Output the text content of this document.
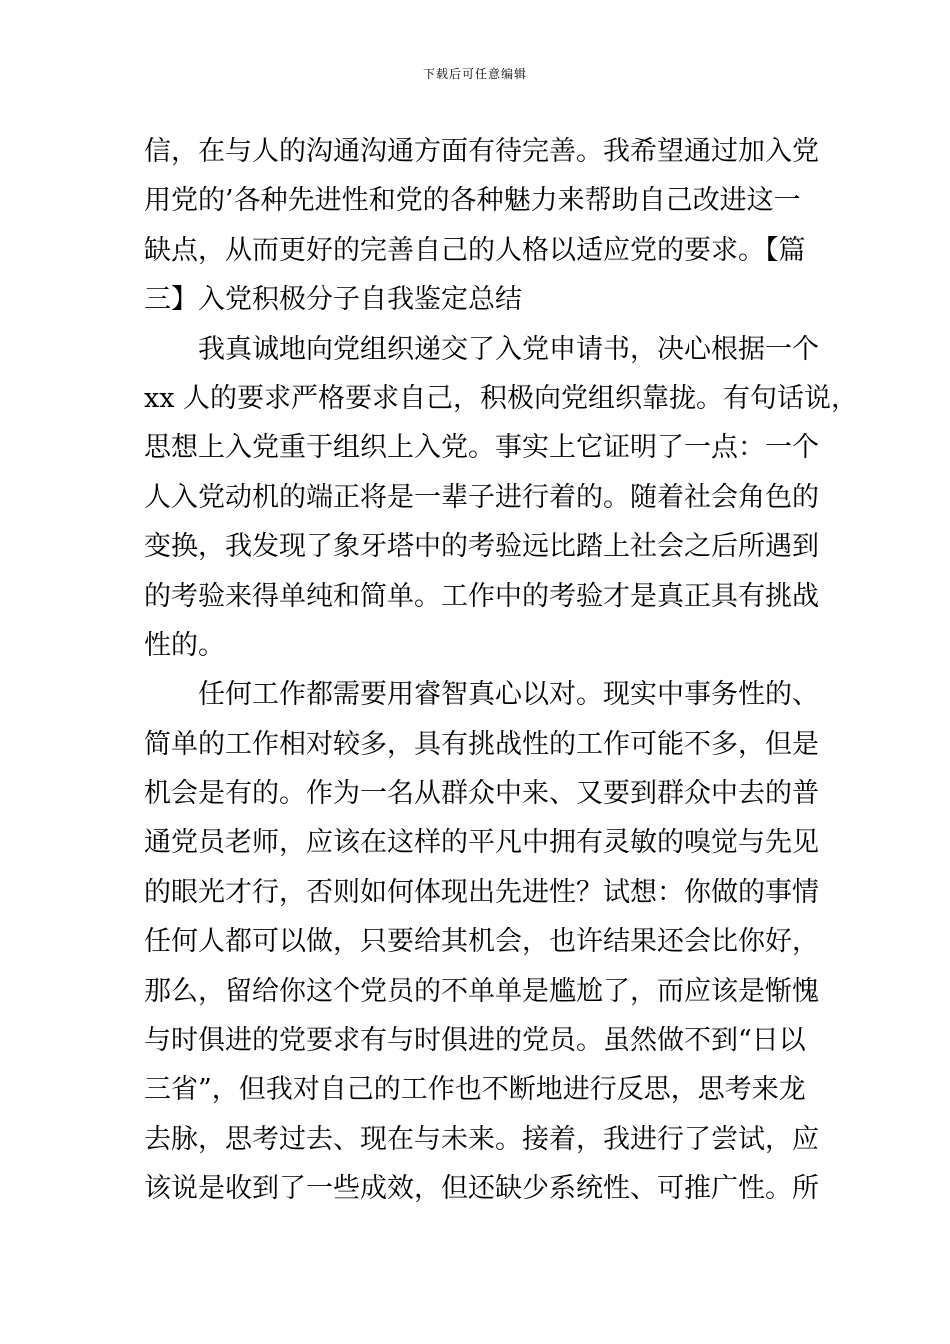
下载后可任意编辑
信，在与人的沟通沟通方面有待完善。我希望通过加入党
用党的’各种先进性和党的各种魅力来帮助自己改进这一
缺点，从而更好的完善自己的人格以适应党的要求。【篇
三】入党积极分子自我鉴定总结
我真诚地向党组织递交了入党申请书，决心根据一个
xx 人的要求严格要求自己，积极向党组织靠拢。有句话说，
思想上入党重于组织上入党。事实上它证明了一点：一个
人入党动机的端正将是一辈子进行着的。随着社会角色的
变换，我发现了象牙塔中的考验远比踏上社会之后所遇到
的考验来得单纯和简单。工作中的考验才是真正具有挑战
性的。
任何工作都需要用睿智真心以对。现实中事务性的、
简单的工作相对较多，具有挑战性的工作可能不多，但是
机会是有的。作为一名从群众中来、又要到群众中去的普
通党员老师，应该在这样的平凡中拥有灵敏的嗅觉与先见
的眼光才行，否则如何体现出先进性？试想：你做的事情
任何人都可以做，只要给其机会，也许结果还会比你好，
那么，留给你这个党员的不单单是尴尬了，而应该是惭愧
与时俱进的党要求有与时俱进的党员。虽然做不到“日以
三省”，但我对自己的工作也不断地进行反思，思考来龙
去脉，思考过去、现在与未来。接着，我进行了尝试，应
该说是收到了一些成效，但还缺少系统性、可推广性。所
